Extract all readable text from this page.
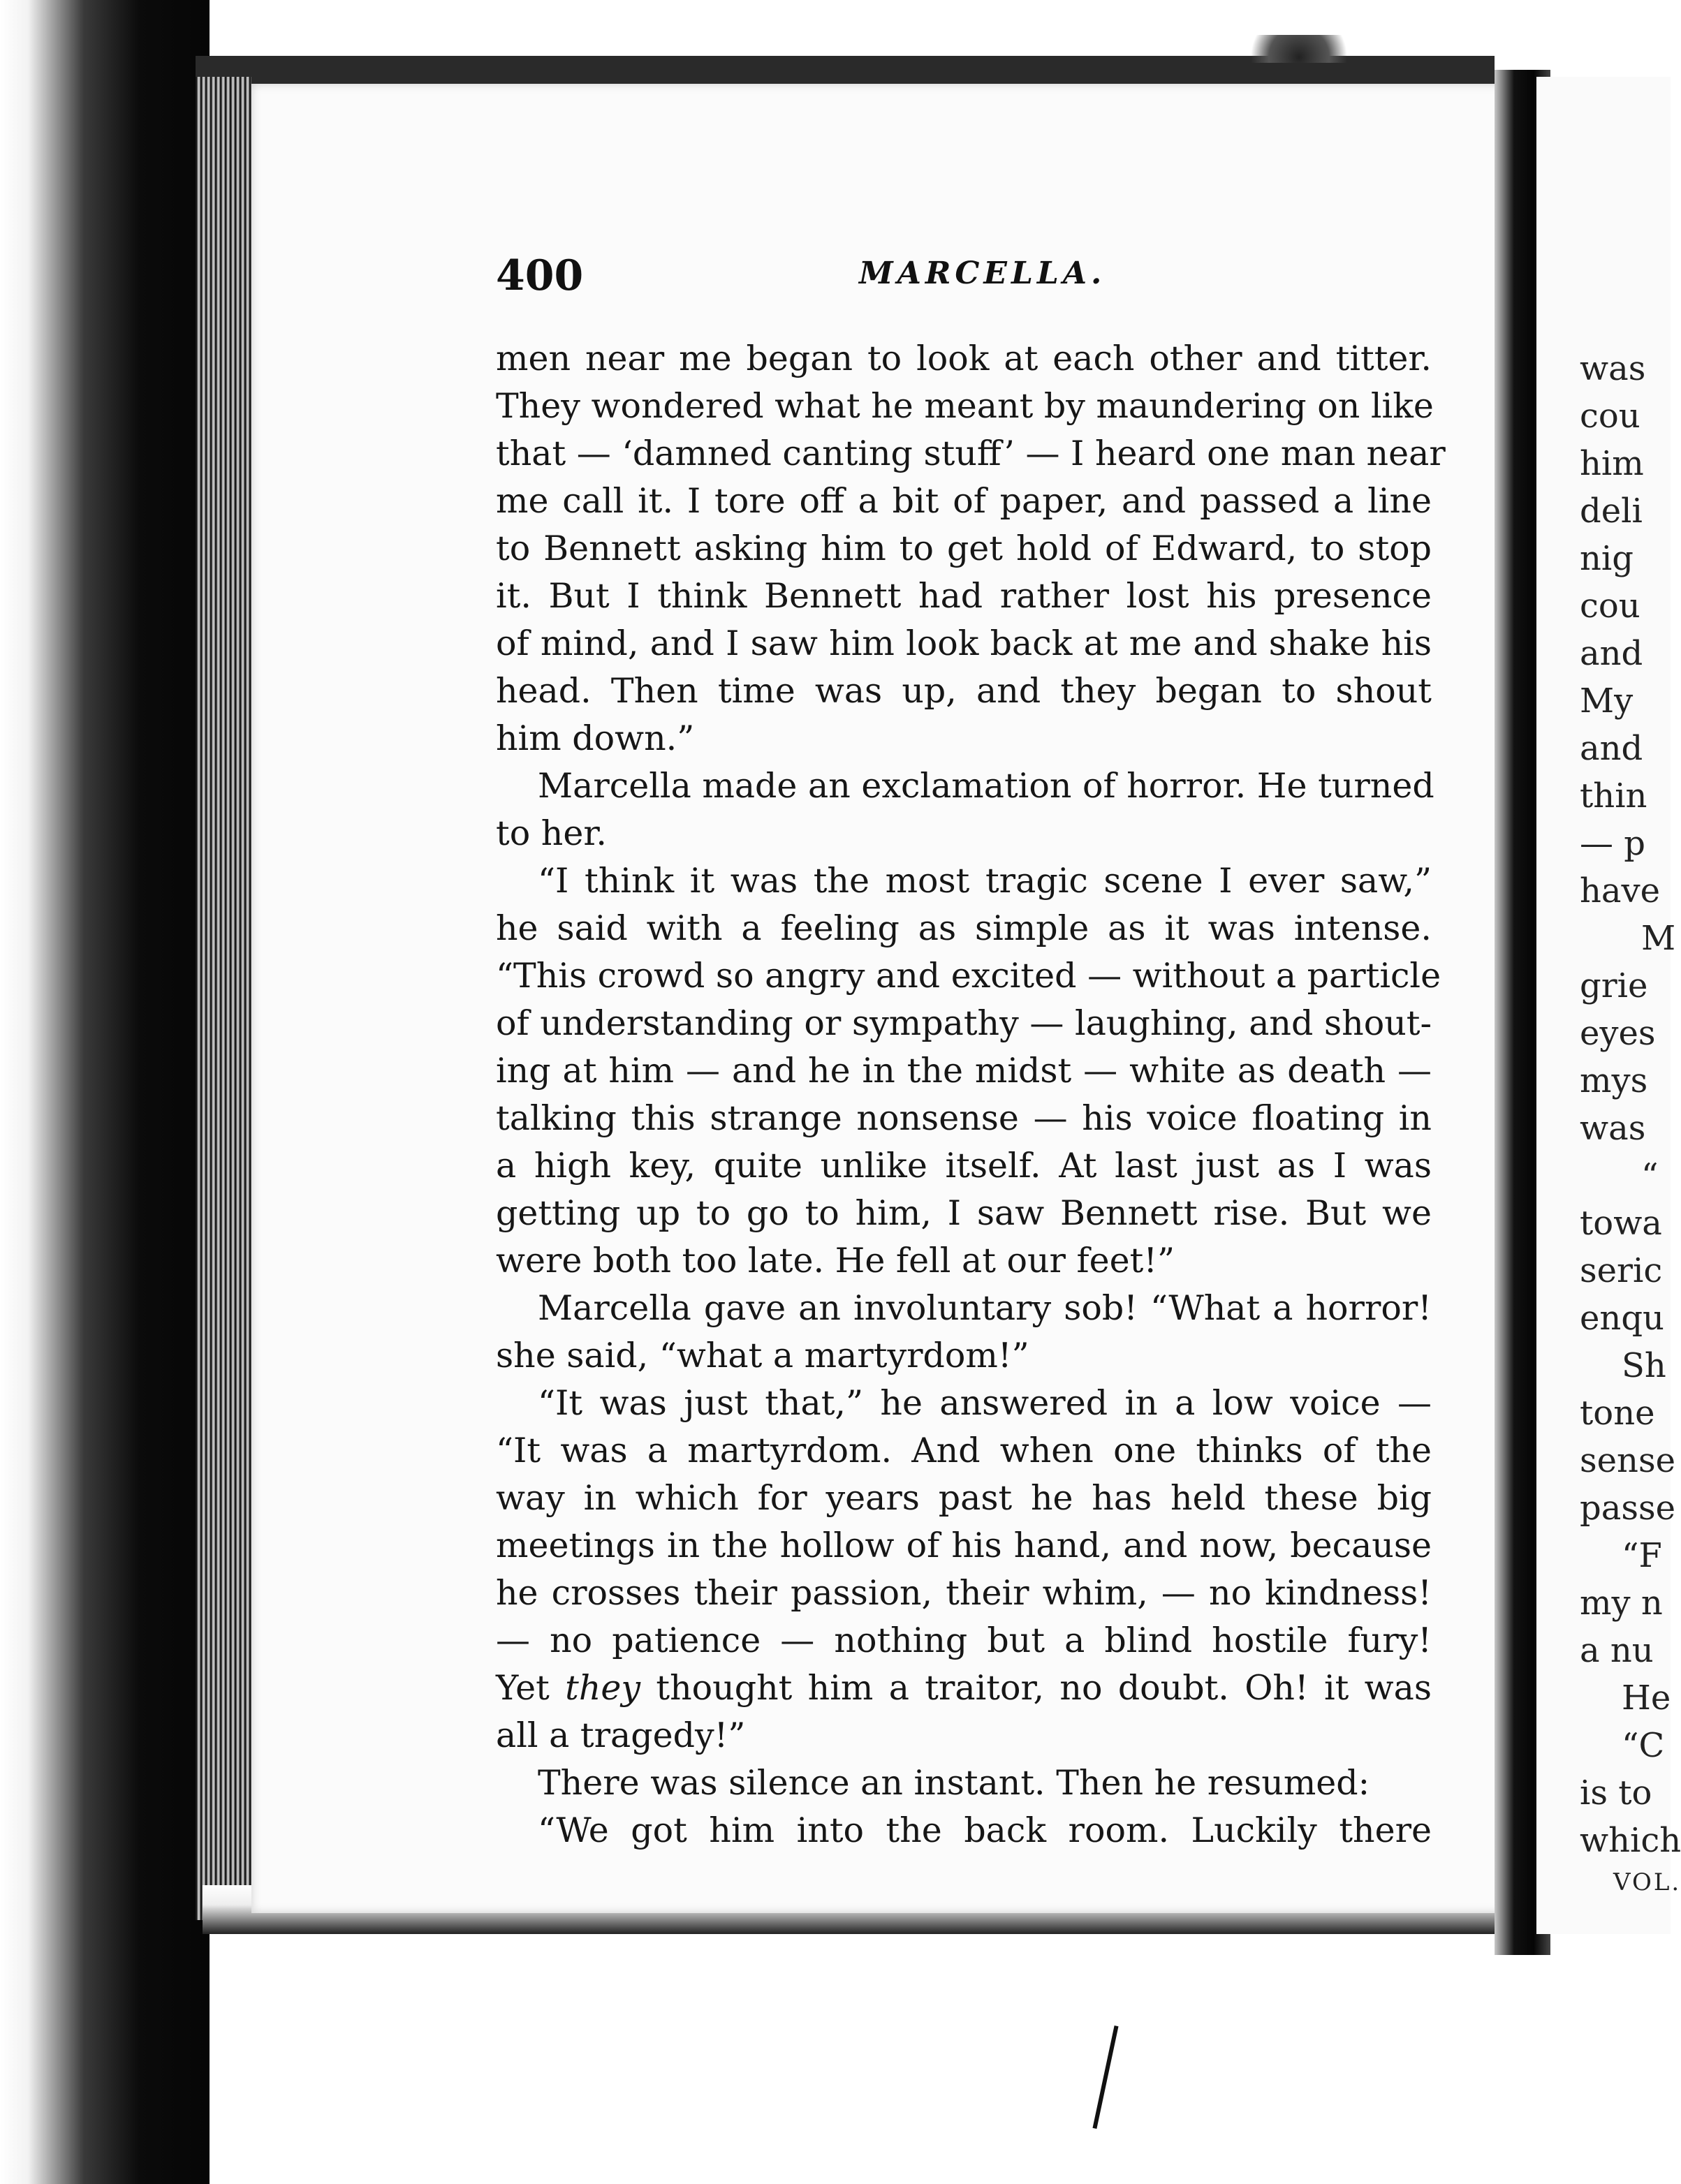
400	MARCELLA.
men near me began to look at each other and titter.
They wondered what he meant by maundering on like
that — ‘damned canting stuff’ — I heard one man near
me call it. I tore off a bit of paper, and passed a line
to Bennett asking him to get hold of Edward, to stop
it. But I think Bennett had rather lost his presence
of mind, and I saw him look back at me and shake his
head. Then time was up, and they began to shout
him down.”
Marcella made an exclamation of horror. He turned
to her.
“I think it was the most tragic scene I ever saw,”
he said with a feeling as simple as it was intense.
“This crowd so angry and excited — without a particle
of understanding or sympathy — laughing, and shout-
ing at him — and he in the midst — white as death —
talking this strange nonsense — his voice floating in
a high key, quite unlike itself. At last just as I was
getting up to go to him, I saw Bennett rise. But we
were both too late. He fell at our feet!”
Marcella gave an involuntary sob! “What a horror!
she said, “what a martyrdom!”
“It was just that,” he answered in a low voice —
“It was a martyrdom. And when one thinks of the
way in which for years past he has held these big
meetings in the hollow of his hand, and now, because
he crosses their passion, their whim, — no kindness!
— no patience — nothing but a blind hostile fury!
Yet they thought him a traitor, no doubt. Oh! it was
all a tragedy!”
There was silence an instant. Then he resumed:
“We got him into the back room. Luckily there
was
cou
him
deli
nig
cou
and
My
and
thin
— p
have
M
grie
eyes
mys
was
“
towa
seric
enqu
Sh
tone
sense
passe
“F
my n
a nu
He
“C
is to
which
VOL.
